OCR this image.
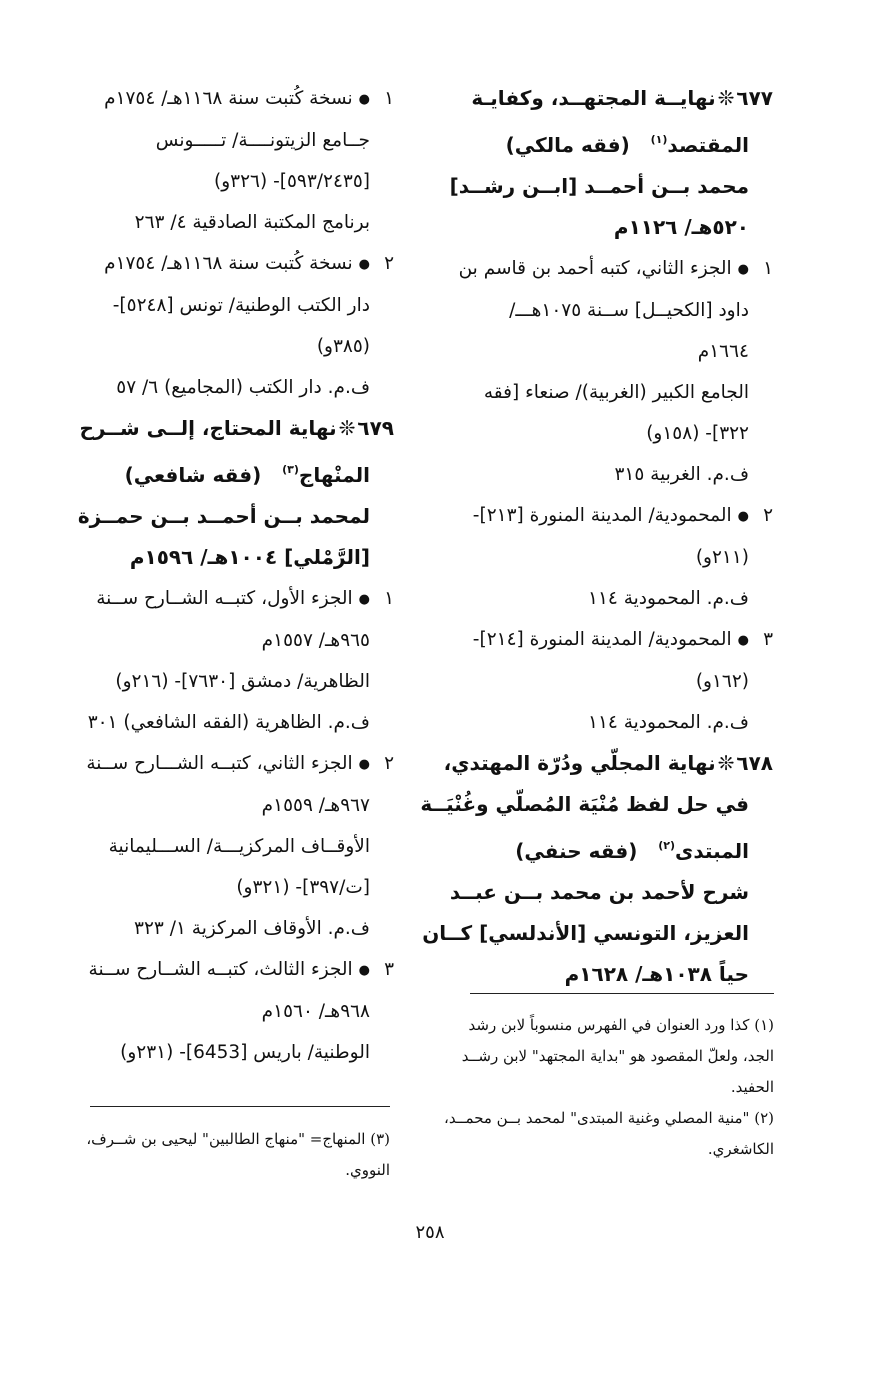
٦٧٧❊نهايــة المجتهــد، وكفايـة
المقتصد$^{(١)}$   (فقه مالكي)
محمد بــن أحمــد [ابــن رشــد]
٥٢٠هـ/ ١١٢٦م
١●الجزء الثاني، كتبه أحمد بن قاسم بن
داود [الكحيــل] ســنة ١٠٧٥هـــ/
١٦٦٤م
الجامع الكبير (الغربية)/ صنعاء [فقه
٣٢٢]- (١٥٨و)
ف.م. الغربية ٣١٥
٢●المحمودية/ المدينة المنورة [٢١٣]-
(٢١١و)
ف.م. المحمودية ١١٤
٣●المحمودية/ المدينة المنورة [٢١٤]-
(١٦٢و)
ف.م. المحمودية ١١٤
٦٧٨❊نهاية المجلّي ودُرّة المهتدي،
في حل لفظ مُنْيَة المُصلّي وغُنْيَــة
المبتدى$^{(٢)}$   (فقه حنفي)
شرح لأحمد بن محمد بــن عبــد
العزيز، التونسي [الأندلسي] كــان
حياً ١٠٣٨هـ/ ١٦٢٨م
١●نسخة كُتبت سنة ١١٦٨هـ/ ١٧٥٤م
جــامع الزيتونــــة/ تـــــونس
[٥٩٣/٢٤٣٥]- (٣٢٦و)
برنامج المكتبة الصادقية ٤/ ٢٦٣
٢●نسخة كُتبت سنة ١١٦٨هـ/ ١٧٥٤م
دار الكتب الوطنية/ تونس [٥٢٤٨]-
(٣٨٥و)
ف.م. دار الكتب (المجاميع) ٦/ ٥٧
٦٧٩❊نهاية المحتاج، إلــى شــرح
المنْهاج$^{(٣)}$   (فقه شافعي)
لمحمد بــن أحمــد بــن حمــزة
[الرَّمْلي] ١٠٠٤هـ/ ١٥٩٦م
١●الجزء الأول، كتبــه الشــارح ســنة
٩٦٥هـ/ ١٥٥٧م
الظاهرية/ دمشق [٧٦٣٠]- (٢١٦و)
ف.م. الظاهرية (الفقه الشافعي) ٣٠١
٢●الجزء الثاني، كتبــه الشـــارح ســنة
٩٦٧هـ/ ١٥٥٩م
الأوقــاف المركزيـــة/ الســـليمانية
[ت/٣٩٧]- (٣٢١و)
ف.م. الأوقاف المركزية ١/ ٣٢٣
٣●الجزء الثالث، كتبــه الشــارح ســنة
٩٦٨هـ/ ١٥٦٠م
الوطنية/ باريس [6453]- (٢٣١و)
(١) كذا ورد العنوان في الفهرس منسوباً لابن رشد
الجد، ولعلّ المقصود هو "بداية المجتهد" لابن رشــد
الحفيد.
(٢) "منية المصلي وغنية المبتدى" لمحمد بــن محمــد،
الكاشغري.
(٣) المنهاج= "منهاج الطالبين" ليحيى بن شــرف،
النووي.
٢٥٨
